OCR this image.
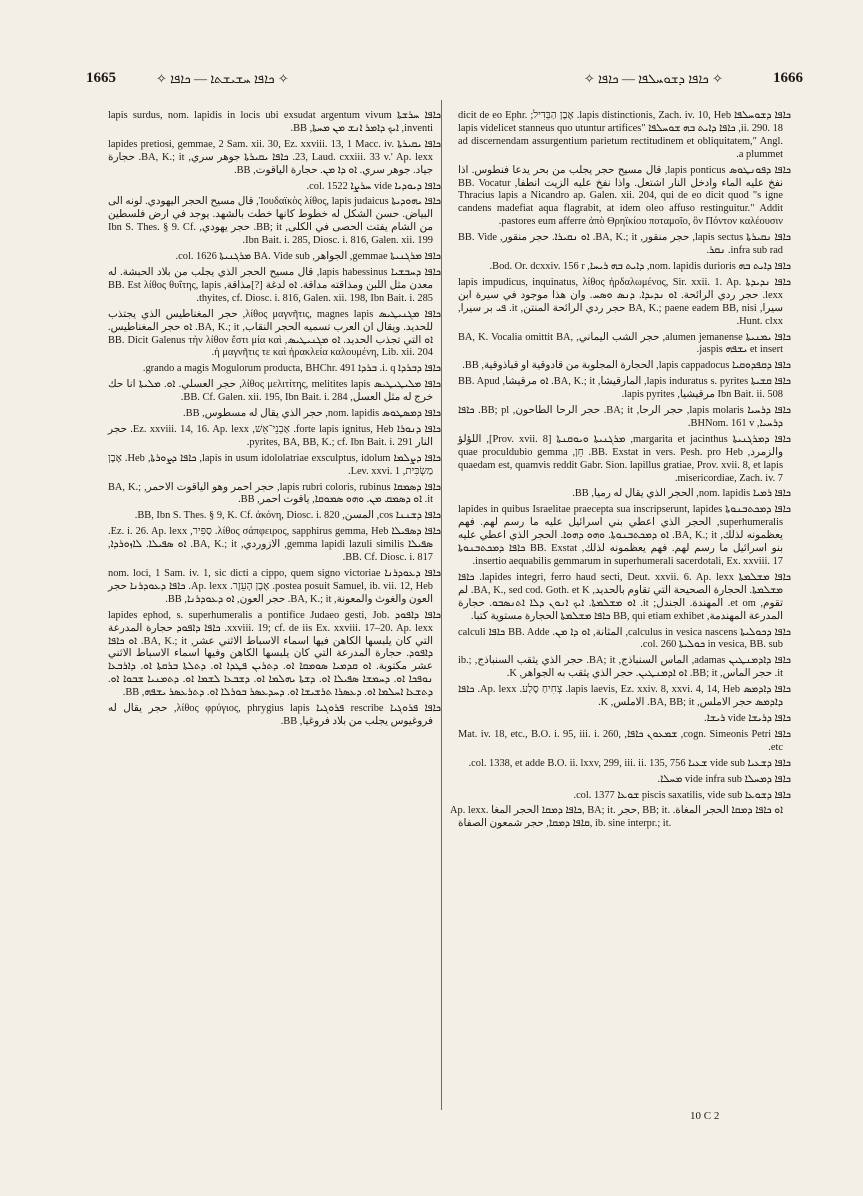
1665	✧ ܟܐܦܐ ܚܫܝܫܬܐ — ܟܐܦܐ ✧	✧ ܟܐܦܐ ܕܫܘܚܠܦܐ — ܟܐܦܐ ✧	1666

ܟܐܦܐ ܚܪܫܬܐ lapis surdus, nom. lapidis in locis ubi exsudat argentum vivum inventi, ܐܝܟ ܕܐܡܪ ܐܢܫ ܡܢ ܡܚܬܐ, BB.

ܟܐܦܐ ܝܩܝܪܬܐ lapides pretiosi, gemmae, 2 Sam. xii. 30, Ez. xxviii. 13, 1 Macc. iv. 23, Laud. cxxiii. 33 v.' Ap. lexx. ܟܐܦܐ ܝܩܝܪܬܐ جوهر سري, BA, K.; it. حجارة جياد. جوهر سري. ܐܘ ܕܐ ܡܢ. حجارة الياقوت, BB.

ܟܐܦܐ ܕܝܘܕܝܐ vide ܚܪܨܐ col. 1522.

ܟܐܦܐ ܝܗܘܕܝܬܐ Ἰουδαϊκὸς λίθος, lapis judaicus, قال مسيح الحجر اليهودي. لونه الى البياض. حسن الشكل له خطوط كانها خطت بالشهد. يوجد في ارض فلسطين من الشام يفتت الحصى في الكلى, BB; it. حجر يهودي, Ibn S. Thes. § 9. Cf. Ibn Bait. i. 285, Diosc. i. 816, Galen. xii. 199.

ܟܐܦܐ ܡܪܓܢܝܬܐ gemmae, الجواهر, BA. Vide sub ܡܪܓܢܝܬܐ col. 1626.

ܟܐܦܐ ܕܚܒܫܝܐ lapis habessinus, قال مسيح الحجر الذي يجلب من بلاد الحبشة. له معدن مثل اللبن ومذاقته مداقة. ܐܘ لدغة [?]مذاقة, BB. Est λίθος θυΐτης, lapis thyites, cf. Diosc. i. 816, Galen. xii. 198, Ibn Bait. i. 285.

ܟܐܦܐ ܡܓܢܝܛܝܣ λίθος μαγνῆτις, magnes lapis, حجر المغناطيس الذي يجتذب للحديد. ويقال ان العرب تسميه الحجر النقاب, BA, K.; it. ܐܘ حجر المغناطيس. ܐܘ التي تجذب الحديد. ܐܘ ܡܓܢܝܛܝܣ, BB. Dicit Galenus τὴν λίθον ἔστι μία καὶ ἡ μαγνῆτις τε καὶ ἡρακλεία καλουμένη, Lib. xii. 204.

ܟܐܦܐ ܕܒܪܕܐ i. q. ܒܪܕܐ grando a magis Mogulorum producta, BHChr. 491.

ܟܐܦܐ ܡܠܝܛܝܛܝܣ λίθος μελιτίτης, melitites lapis, حجر العسلي. ܐܘ. ܡܠܝܬܐ انا حك خرج له مثل العسل, BB. Cf. Galen. xii. 195, Ibn Bait. i. 284.

ܟܐܦܐ ܕܡܣܛܘܣ nom. lapidis, حجر الذي يقال له مسطوس, BB.

ܟܐܦܐ ܕܢܘܪܐ forte lapis ignitus, Heb. אַבְנֵי־אֵשׁ, Ez. xxviii. 14, 16. Ap. lexx. حجر النار pyrites, BA, BB, K.; cf. Ibn Bait. i. 291.

ܟܐܦܐ ܕܨܠܡܐ lapis in usum idololatriae exsculptus, idolum, ܟܐܦܐ ܕܨܘܪܬܐ, Heb. אֶבֶן מַשְׂכִּית, Lev. xxvi. 1.

ܟܐܦܐ ܕܣܡܩܐ lapis rubri coloris, rubinus, حجر احمر وهو الياقوت الاحمر, BA, K.; it. ܐܘ ܕܣܡܩ ܡܢ. ܘܗܘ ܣܡܘܩܐ, ياقوت احمر, BB.

ܟܐܦܐ ܕܫܢܢܐ cos, المسن, BB, Ibn S. Thes. § 9, K. Cf. ἀκόνη, Diosc. i. 820.

ܟܐܦܐ ܕܣܦܝܠܐ λίθος σάπφειρος, sapphirus gemma, Heb. סַפִּיר, Ez. i. 26. Ap. lexx. ܣܦܝܠܐ gemma lapidi lazuli similis, الازوردي, BA, K.; it. ܐܘ ܣܦܝܠܐ. ܠܐܙܘܪܕܐ, BB. Cf. Diosc. i. 817.

ܟܐܦܐ ܕܥܘܕܪܢܐ nom. loci, 1 Sam. iv. 1, sic dicti a cippo, quem signo victoriae postea posuit Samuel, ib. vii. 12, Heb. אֶבֶן הָעֵזֶר. Ap. lexx. ܟܐܦܐ ܕܥܘܕܪܢܐ حجر العون والغوث والمعونة, BA, K.; it. حجر العون, ܐܘ ܕܥܘܕܪܢܐ, BB.

ܟܐܦܐ ܕܐܦܘܕ lapides ephod, s. superhumeralis a pontifice Judaeo gesti, Job. xxviii. 19; cf. de iis Ex. xxviii. 17–20. Ap. lexx. ܟܐܦܐ ܕܐܦܘܕ حجارة المدرعة التي كان يلبسها الكاهن فيها اسماء الاسباط الاثني عشر, BA, K.; it. ܐܘ ܟܐܦܐ ܕܐܦܘܕ. حجارة المدرعة التي كان يلبسها الكاهن وفيها اسماء الاسباط الاثني عشر مكتوبة. ܐܘ ܩܕܡܝܐ ܣܘܡܩܐ ܐܘ. ܕܬܪܝܢ ܦܛܕܐ ܐܘ. ܕܬܠܬܐ ܒܪܩܬܐ ܐܘ. ܕܐܪܒܥܐ ܢܘܦܟܐ ܐܘ. ܕܚܡܫܐ ܣܦܝܠܐ ܐܘ. ܕܫܬܐ ܝܗܠܡܐ ܐܘ. ܕܫܒܥܐ ܠܫܡܐ ܐܘ. ܕܬܡܢܝܐ ܫܒܘܐ ܐܘ. ܕܬܫܥܐ ܐܚܠܡܐ ܐܘ. ܕܥܣܪܐ ܬܪܫܝܫܐ ܐܘ. ܕܚܕܥܣܪ ܒܘܪܠܐ ܐܘ. ܕܬܪܥܣܪ ܝܫܦܗ, BB.

ܟܐܦܐ ܦܪܘܓܝܐ rescribe ܦܪܘܓܝܐ λίθος φρύγιος, phrygius lapis, حجر يقال له فروغيوس يجلب من بلاد فروغيا, BB.

ܟܐܦܐ ܕܫܘܚܠܦܐ lapis distinctionis, Zach. iv. 10, Heb. אֶבֶן הַבְּדִיל; dicit de eo Ephr. ii. 290. 18, ܟܐܦܐ ܕܐܝܬ ܒܗ ܫܘܚܠܦܐ "lapis videlicet stanneus quo utuntur artifices ad discernendam assurgentium parietum rectitudinem et obliquitatem," Angl. a plummet.

ܟܐܦܐ ܕܦܘܢܛܘܣ lapis ponticus, قال مسيح حجر يجلب من بحر يدعا فنطوس. اذا نفخ عليه الماء وادخل النار اشتعل. واذا نفخ عليه الزيت انطفا, BB. Vocatur Thracius lapis a Nicandro ap. Galen. xii. 204, qui de eo dicit quod "s igne candens madefiat aqua flagrabit, at idem oleo affuso restinguitur." Addit pastores eum afferre ἀπὸ Θρηϊκίου ποταμοῖο, ὃν Πόντον καλέουσιν.

ܟܐܦܐ ܢܩܝܪܬܐ lapis sectus, حجر منقور, BA, K.; it. ܐܘ ܢܩܝܪܐ. حجر منقور, BB. Vide infra sub rad. ܢܩܪ.

ܟܐܦܐ ܕܐܝܬ ܒܗ nom. lapidis durioris, ܕܐܝܬ ܒܗ ܪܝܚܐ, Bod. Or. dcxxiv. 156 r.

ܟܐܦܐ ܢܕܝܕܬܐ lapis impudicus, inquinatus, λίθος ἠρδαλωμένος, Sir. xxii. 1. Ap. lexx. حجر ردي الرائحة. ܐܘ ܢܕܝܕܐ. ܕܢܣ ܘܣܚ. وان هذا موجود في سيرة ابن سيرا, BA, K.; paene eadem BB, nisi حجر ردي الرائحة المنتن, it. ܦܝ بر سيرا, Hunt. clxx.

ܟܐܦܐ ܝܡܢܝܬܐ alumen jemanense, حجر الشب اليماني, BA, K. Vocalia omittit BA, et insert ܝܫܦܗ jaspis.

ܟܐܦܐ ܕܩܦܕܘܩܝܐ lapis cappadocus, الحجارة المجلوبة من قادوقية او قباذوقية, BB.

ܟܐܦܐ ܩܫܝܬܐ lapis induratus s. pyrites, المارقيشا, BA, K.; it. ܐܘ مرقيشا, BB. Apud Ibn Bait. ii. 508 مرقيشيا, lapis pyrites.

ܟܐܦܐ ܕܪܚܝܐ lapis molaris, حجر الرحا, BA; it. حجر الرحا الطاحون, BB; pl. ܟܐܦܐ ܕܪܚܝܐ, BHNom. 161 v.

ܟܐܦܐ ܕܡܪܓܢܝܬܐ margarita et jacinthus, ܡܪܓܢܝܬܐ ܘܝܘܩܢܬܐ [Prov. xvii. 8], اللؤلؤ والزمرد, BB. Exstat in vers. Pesh. pro Heb. חֵן, quae proculdubio gemma quaedam est, quamvis reddit Gabr. Sion. lapillus gratiae, Prov. xvii. 8, et lapis misericordiae, Zach. iv. 7.

ܟܐܦܐ ܪܡܝܐ nom. lapidis, الحجر الذي يقال له رميا, BB.

ܟܐܦܐ ܕܡܟܬܒܢܘܬܐ lapides in quibus Israelitae praecepta sua inscripserunt, lapides superhumeralis, الحجر الذي اعطي بني اسرائيل عليه ما رسم لهم. فهم يعظمونه لذلك, BA, K.; it. ܐܘ ܕܡܟܬܒܢܘܬܐ. ܘܗܘ ܕܗܘܐ. الحجر الذي اعطي عليه بنو اسرائيل ما رسم لهم. فهم يعظمونه لذلك, BB. Exstat ܟܐܦܐ ܕܡܟܬܒܢܘܬܐ insertio aequabilis gemmarum in superhumerali sacerdotali, Ex. xxviii. 17.

ܟܐܦܐ ܡܫܠܡܬܐ lapides integri, ferro haud secti, Deut. xxvii. 6. Ap. lexx. ܟܐܦܐ ܡܫܠܡܬܐ. الحجارة الصحيحة التي تقاوم بالحديد, BA, K., sed cod. Goth. et K. لم تقوم, et om. المهندة. الجندل; it. ܐܘ ܡܫܠܡܬܐ. ܐܝܟ ܐܢܘܢ ܕܠܐ ܐܬܢܣܒܘ. حجارة المدرعة المهندمة, BB, qui etiam exhibet ܟܐܦܐ ܡܫܠܡܬܐ الحجارة مستوية كتبا.

ܟܐܦܐ ܕܟܘܠܝܬܐ calculus in vesica nascens, المثانة, ܐܘ ܕܐ ܡܢ. BB. Adde ܟܐܦܐ calculi in vesica, BB. sub ܟܘܠܝܬܐ col. 260.

ܟܐܦܐ ܕܐܕܡܢܛܝܢ adamas, الماس السنباذج, BA; it. حجر الذي يثقب السنباذج, ib.; it. حجر الماس, BB; it. ܐܘ ܐܕܡܢܛܝܢ. حجر الذي يثقب به الجواهر, K.

ܟܐܦܐ ܕܐܕܡܣ lapis laevis, Ez. xxiv. 8, xxvi. 4, 14, Heb. צְחִיחַ סֶלַע. Ap. lexx. ܟܐܦܐ ܕܐܕܡܣ حجر الاملس, BA, BB; it. الاملس, K.

ܟܐܦܐ ܕܪܝܫܐ vide ܪܝܫܐ.

ܟܐܦܐ cogn. Simeonis Petri, ܫܡܥܘܢ ܟܐܦܐ, Mat. iv. 18, etc., B.O. i. 95, iii. i. 260, etc.

ܟܐܦܐ ܕܫܥܝܐ vide sub ܫܥܝܐ col. 1338, et adde B.O. ii. lxxv, 299, iii. ii. 135, 756.

ܟܐܦܐ ܕܡܚܠܐ vide infra sub ܡܚܠܐ.

ܟܐܦܐ ܕܫܘܥܐ piscis saxatilis, vide sub ܫܘܥܐ col. 1377.

Ap. lexx. ܟܐܦܐ ܕܡܩܐ الحجر المغا, BA; it. حجر, BB; it. ܐܘ ܟܐܦܐ ܕܡܩܐ الحجر المغاة. ܩܐܦܐ ܕܡܩܐ, حجر شمعون الصفاة, ib. sine interpr.; it.

10 C 2
